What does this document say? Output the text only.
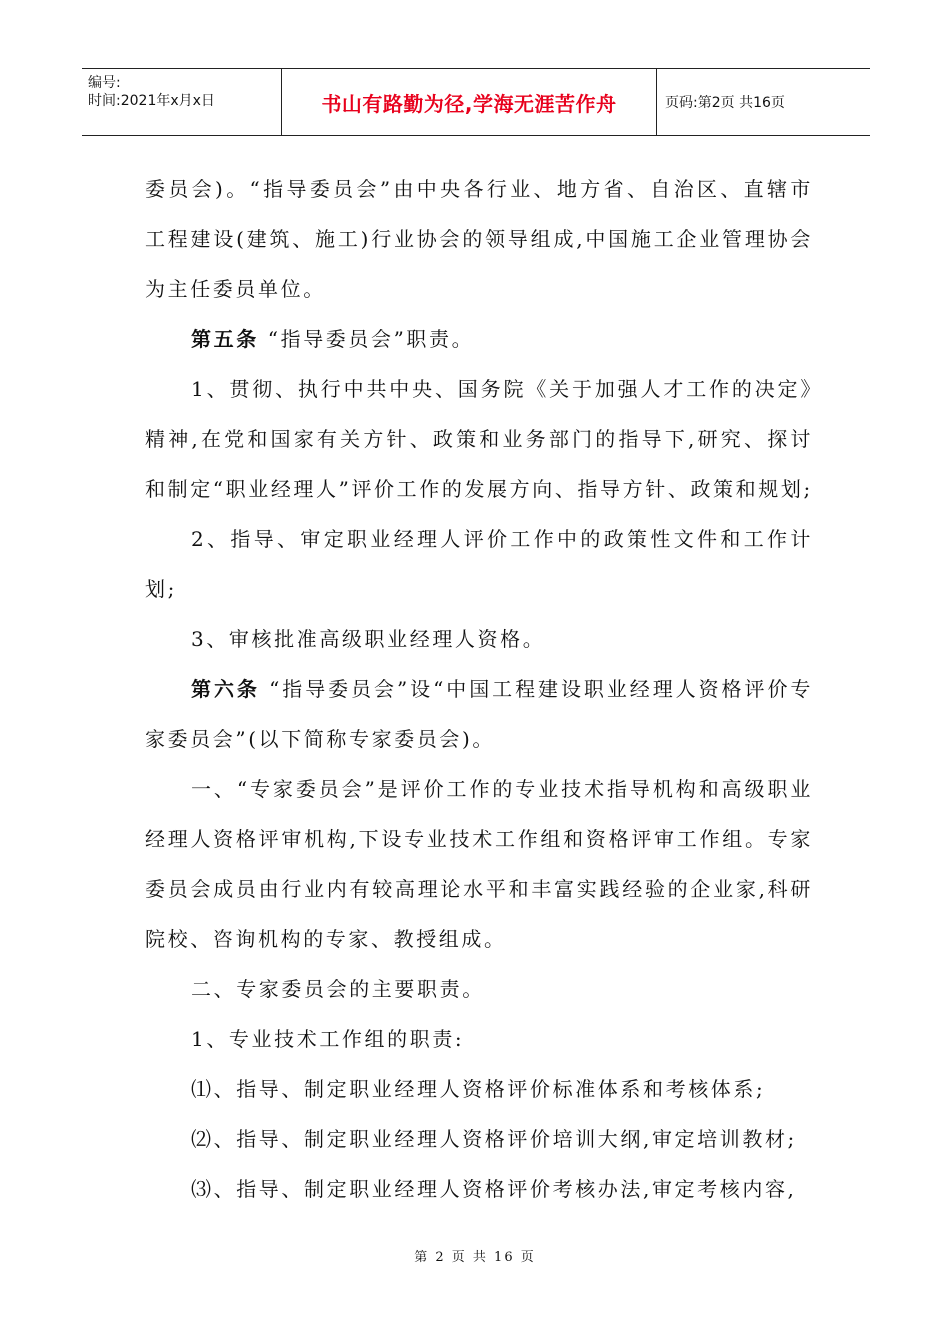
编号:
时间:2021年x月x日	书山有路勤为径,学海无涯苦作舟	页码:第2页 共16页

委员会)。“指导委员会”由中央各行业、地方省、自治区、直辖市工程建设(建筑、施工)行业协会的领导组成,中国施工企业管理协会为主任委员单位。

第五条 “指导委员会”职责。

1、贯彻、执行中共中央、国务院《关于加强人才工作的决定》精神,在党和国家有关方针、政策和业务部门的指导下,研究、探讨和制定“职业经理人”评价工作的发展方向、指导方针、政策和规划;

2、指导、审定职业经理人评价工作中的政策性文件和工作计划;

3、审核批准高级职业经理人资格。

第六条 “指导委员会”设“中国工程建设职业经理人资格评价专家委员会”(以下简称专家委员会)。

一、“专家委员会”是评价工作的专业技术指导机构和高级职业经理人资格评审机构,下设专业技术工作组和资格评审工作组。专家委员会成员由行业内有较高理论水平和丰富实践经验的企业家,科研院校、咨询机构的专家、教授组成。

二、专家委员会的主要职责。

1、专业技术工作组的职责:

⑴、指导、制定职业经理人资格评价标准体系和考核体系;

⑵、指导、制定职业经理人资格评价培训大纲,审定培训教材;

⑶、指导、制定职业经理人资格评价考核办法,审定考核内容,

第 2 页 共 16 页
